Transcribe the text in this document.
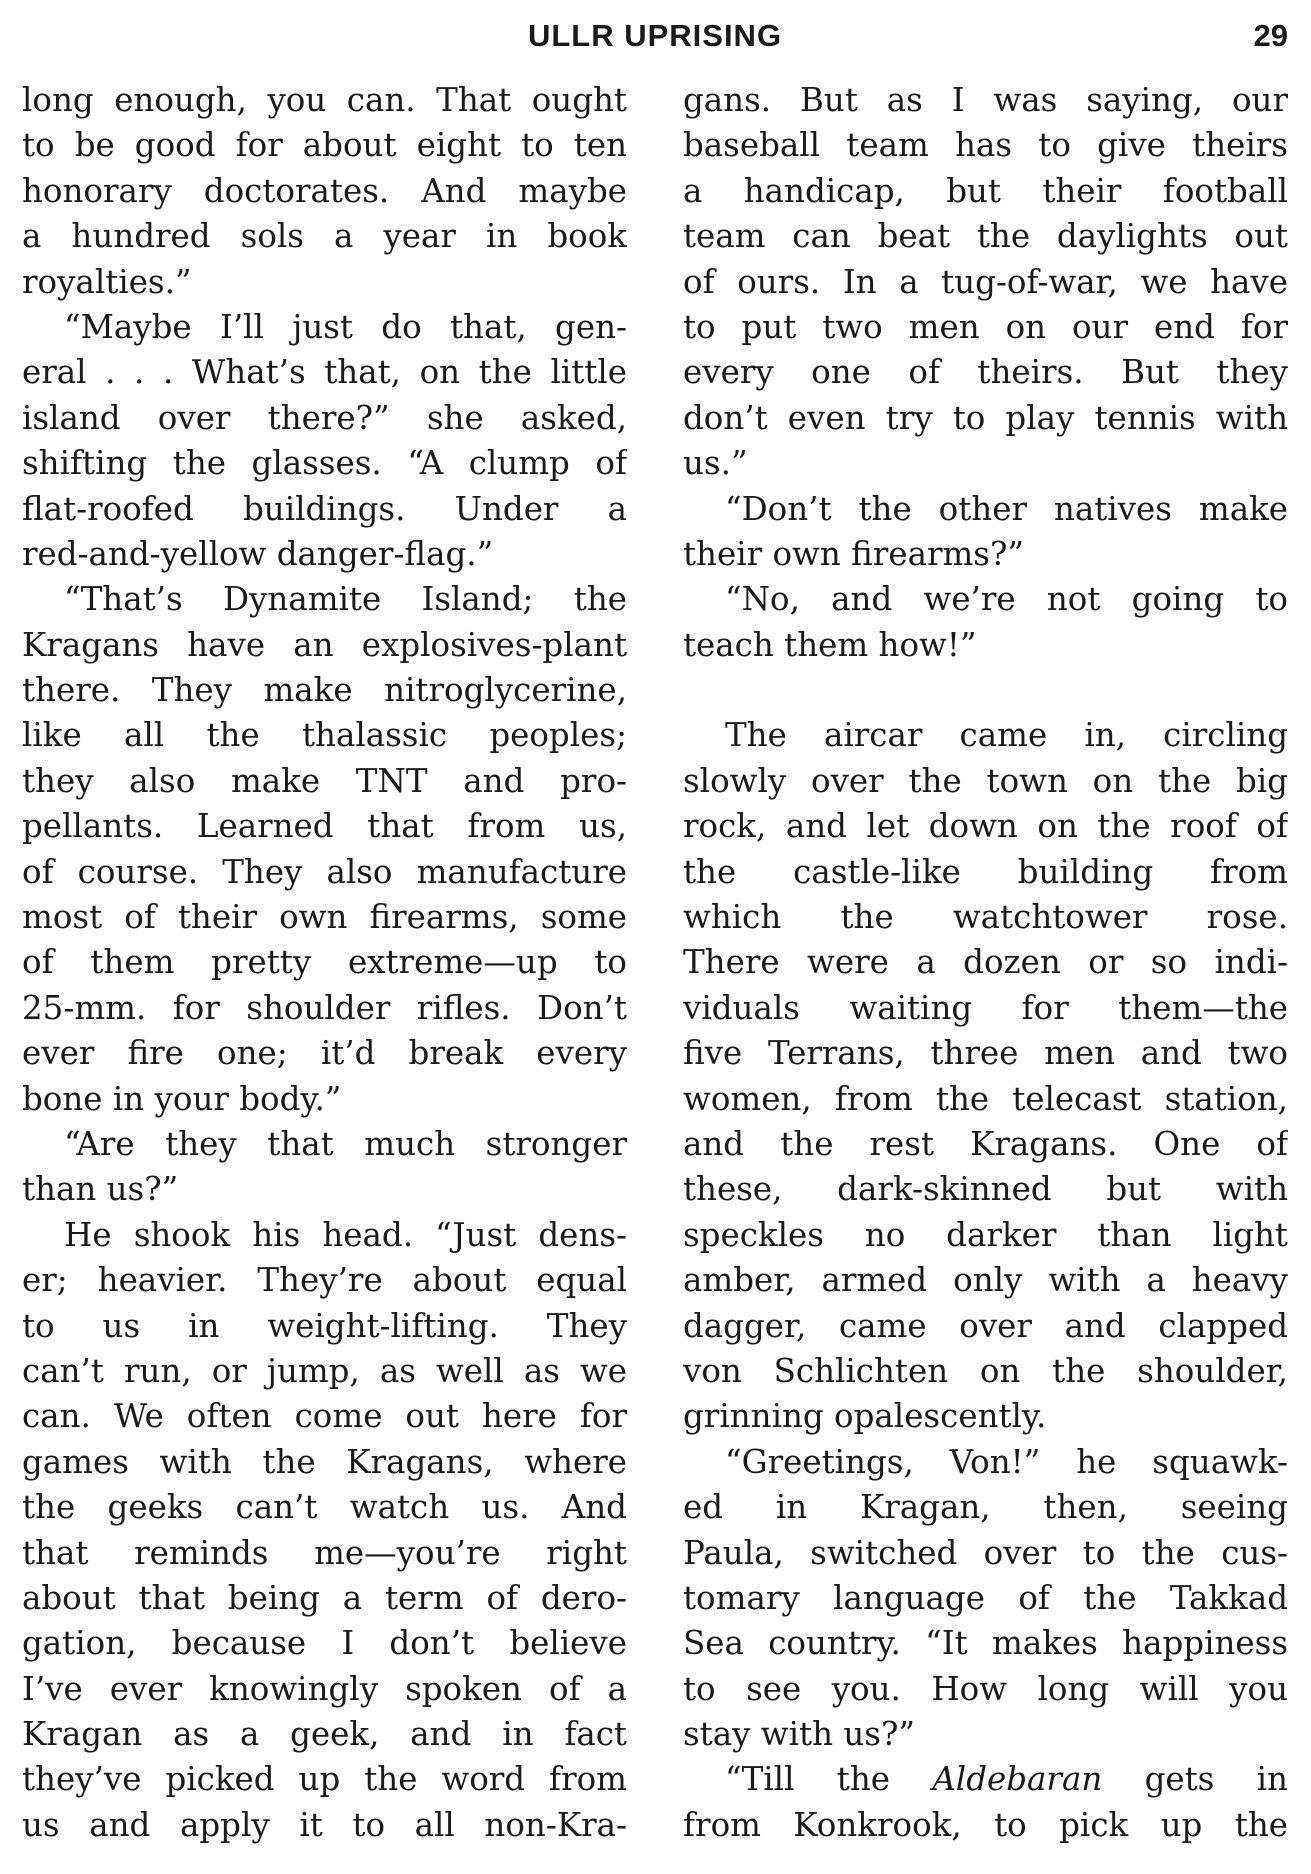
ULLR UPRISING	29
long enough, you can. That ought
to be good for about eight to ten
honorary doctorates. And maybe
a hundred sols a year in book
royalties.”
“Maybe I’ll just do that, gen-
eral . . . What’s that, on the little
island over there?” she asked,
shifting the glasses. “A clump of
flat-roofed buildings. Under a
red-and-yellow danger-flag.”
“That’s Dynamite Island; the
Kragans have an explosives-plant
there. They make nitroglycerine,
like all the thalassic peoples;
they also make TNT and pro-
pellants. Learned that from us,
of course. They also manufacture
most of their own firearms, some
of them pretty extreme—up to
25-mm. for shoulder rifles. Don’t
ever fire one; it’d break every
bone in your body.”
“Are they that much stronger
than us?”
He shook his head. “Just dens-
er; heavier. They’re about equal
to us in weight-lifting. They
can’t run, or jump, as well as we
can. We often come out here for
games with the Kragans, where
the geeks can’t watch us. And
that reminds me—you’re right
about that being a term of dero-
gation, because I don’t believe
I’ve ever knowingly spoken of a
Kragan as a geek, and in fact
they’ve picked up the word from
us and apply it to all non-Kra-
gans. But as I was saying, our
baseball team has to give theirs
a handicap, but their football
team can beat the daylights out
of ours. In a tug-of-war, we have
to put two men on our end for
every one of theirs. But they
don’t even try to play tennis with
us.”
“Don’t the other natives make
their own firearms?”
“No, and we’re not going to
teach them how!”
The aircar came in, circling
slowly over the town on the big
rock, and let down on the roof of
the castle-like building from
which the watchtower rose.
There were a dozen or so indi-
viduals waiting for them—the
five Terrans, three men and two
women, from the telecast station,
and the rest Kragans. One of
these, dark-skinned but with
speckles no darker than light
amber, armed only with a heavy
dagger, came over and clapped
von Schlichten on the shoulder,
grinning opalescently.
“Greetings, Von!” he squawk-
ed in Kragan, then, seeing
Paula, switched over to the cus-
tomary language of the Takkad
Sea country. “It makes happiness
to see you. How long will you
stay with us?”
“Till the Aldebaran gets in
from Konkrook, to pick up the
